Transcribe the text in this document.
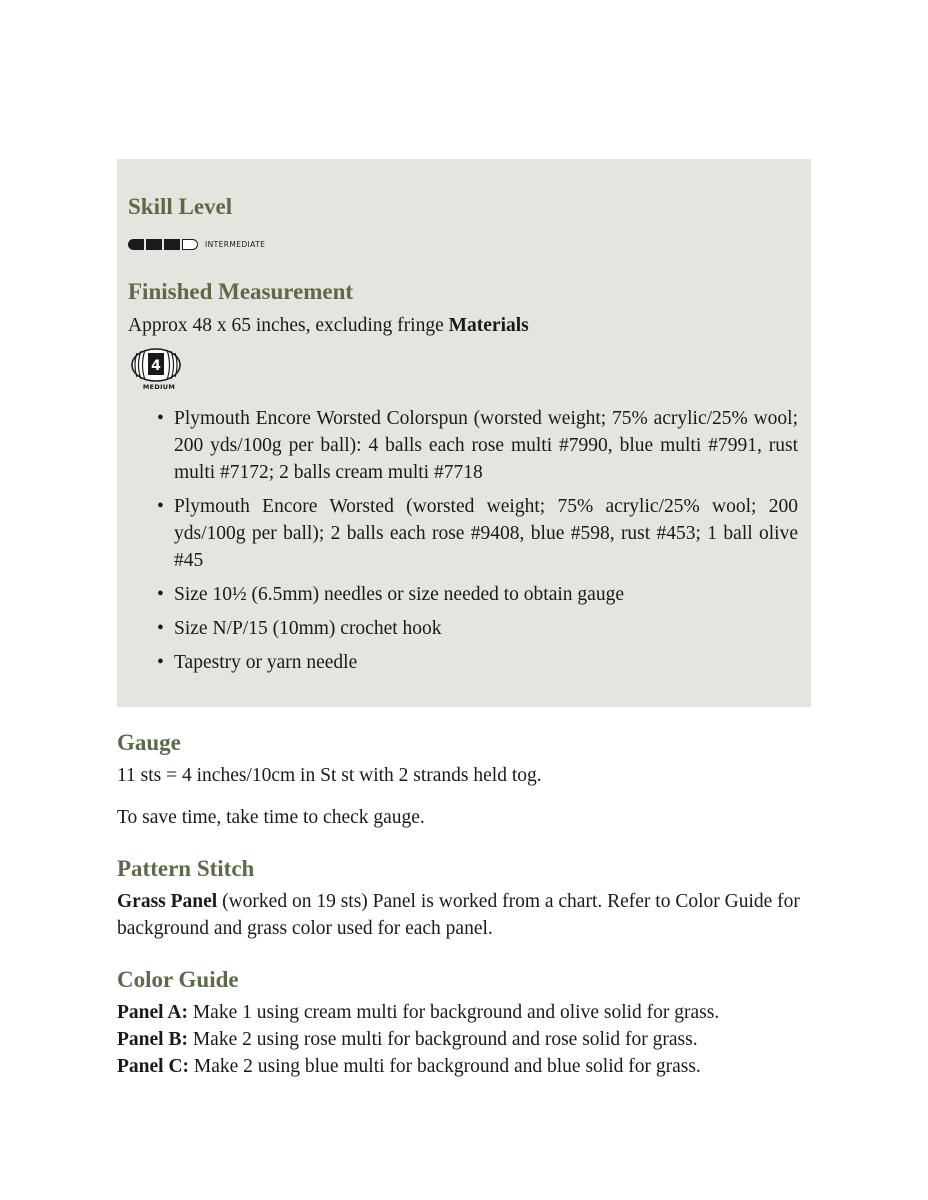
Skill Level
INTERMEDIATE
Finished Measurement

Approx 48 x 65 inches, excluding fringe Materials

4
MEDIUM
• Plymouth Encore Worsted Colorspun (worsted weight; 75% acrylic/25% wool; 200 yds/100g per ball): 4 balls each rose multi #7990, blue multi #7991, rust multi #7172; 2 balls cream multi #7718
• Plymouth Encore Worsted (worsted weight; 75% acrylic/25% wool; 200 yds/100g per ball); 2 balls each rose #9408, blue #598, rust #453; 1 ball olive #45
• Size 10½ (6.5mm) needles or size needed to obtain gauge
• Size N/P/15 (10mm) crochet hook
• Tapestry or yarn needle
Gauge

11 sts = 4 inches/10cm in St st with 2 strands held tog.

To save time, take time to check gauge.

Pattern Stitch

Grass Panel (worked on 19 sts) Panel is worked from a chart. Refer to Color Guide for background and grass color used for each panel.

Color Guide

Panel A: Make 1 using cream multi for background and olive solid for grass.

Panel B: Make 2 using rose multi for background and rose solid for grass.

Panel C: Make 2 using blue multi for background and blue solid for grass.
